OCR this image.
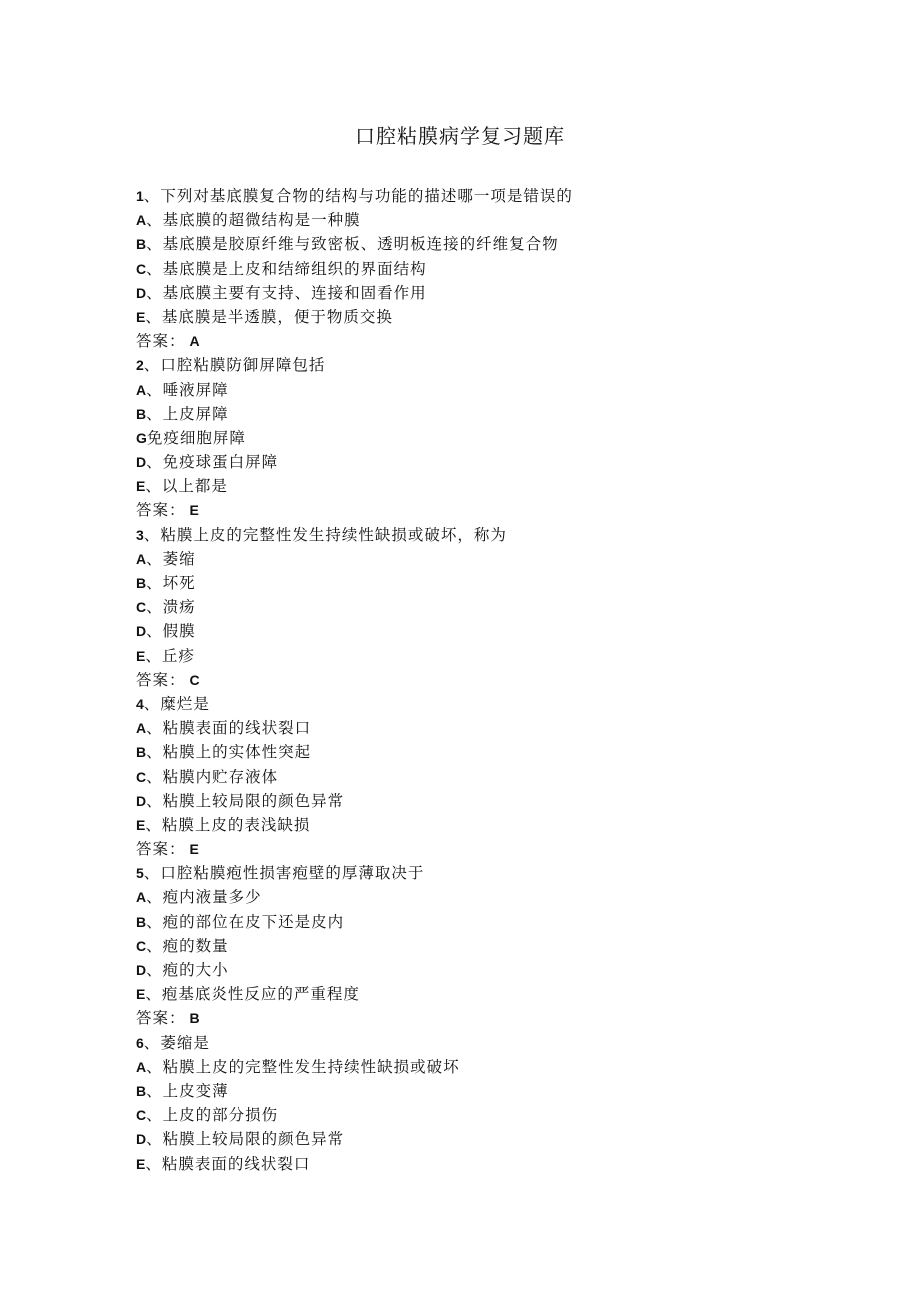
口腔粘膜病学复习题库
1、下列对基底膜复合物的结构与功能的描述哪一项是错误的
A、基底膜的超微结构是一种膜
B、基底膜是胶原纤维与致密板、透明板连接的纤维复合物
C、基底膜是上皮和结缔组织的界面结构
D、基底膜主要有支持、连接和固看作用
E、基底膜是半透膜，便于物质交换
答案： A
2、口腔粘膜防御屏障包括
A、唾液屏障
B、上皮屏障
G免疫细胞屏障
D、免疫球蛋白屏障
E、以上都是
答案： E
3、粘膜上皮的完整性发生持续性缺损或破坏，称为
A、萎缩
B、坏死
C、溃疡
D、假膜
E、丘疹
答案： C
4、糜烂是
A、粘膜表面的线状裂口
B、粘膜上的实体性突起
C、粘膜内贮存液体
D、粘膜上较局限的颜色异常
E、粘膜上皮的表浅缺损
答案： E
5、口腔粘膜疱性损害疱壁的厚薄取决于
A、疱内液量多少
B、疱的部位在皮下还是皮内
C、疱的数量
D、疱的大小
E、疱基底炎性反应的严重程度
答案： B
6、萎缩是
A、粘膜上皮的完整性发生持续性缺损或破坏
B、上皮变薄
C、上皮的部分损伤
D、粘膜上较局限的颜色异常
E、粘膜表面的线状裂口
